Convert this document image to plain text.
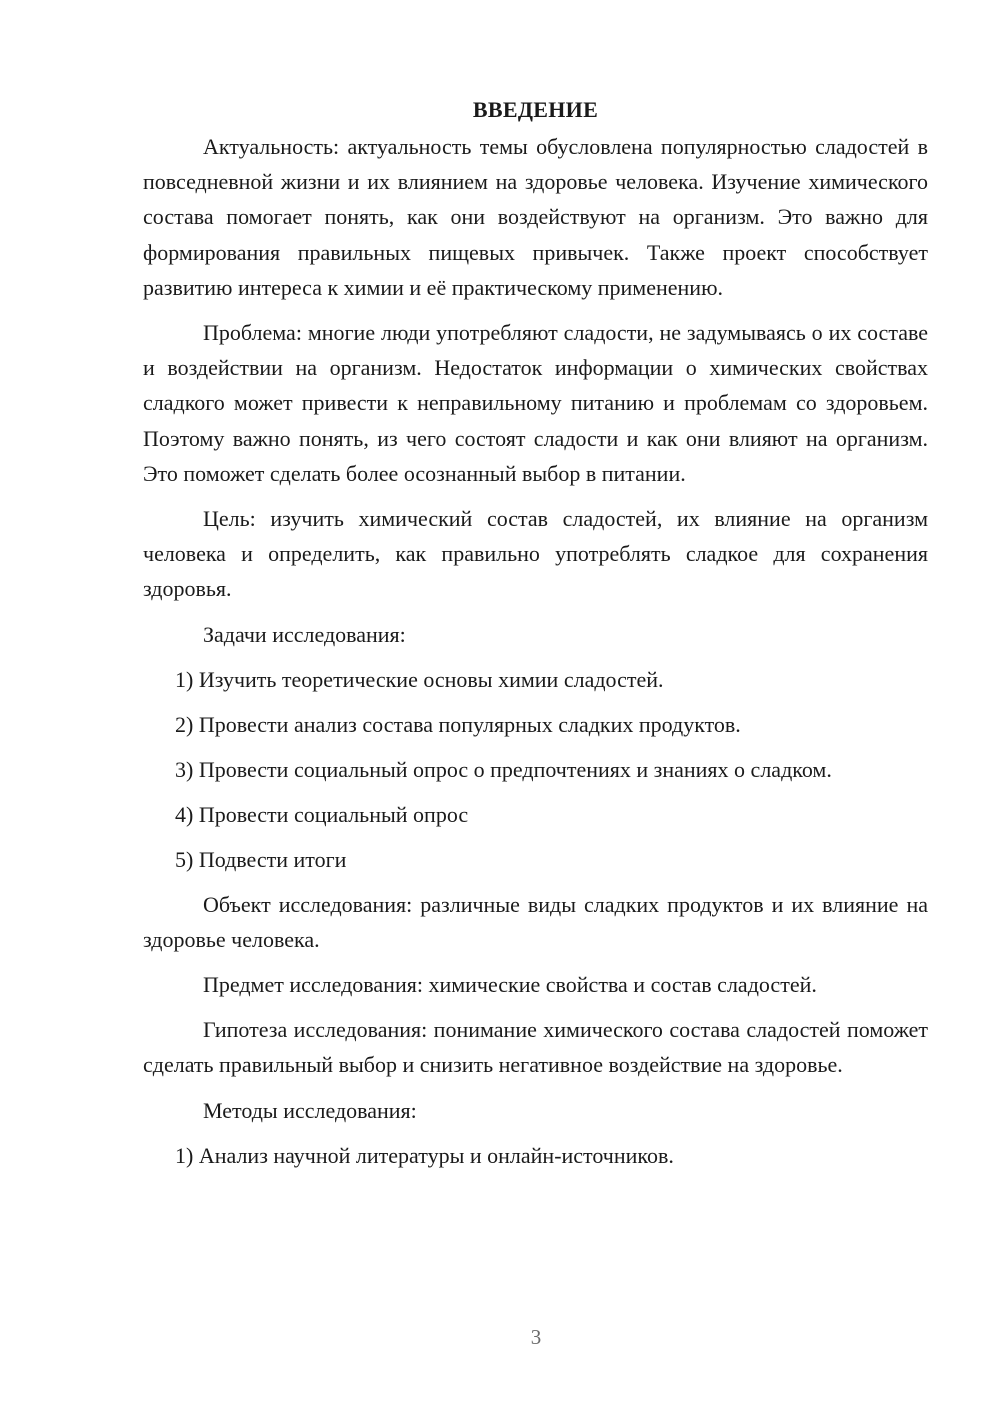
ВВЕДЕНИЕ

Актуальность: актуальность темы обусловлена популярностью сладостей в повседневной жизни и их влиянием на здоровье человека. Изучение химического состава помогает понять, как они воздействуют на организм. Это важно для формирования правильных пищевых привычек. Также проект способствует развитию интереса к химии и её практическому применению.

Проблема: многие люди употребляют сладости, не задумываясь о их составе и воздействии на организм. Недостаток информации о химических свойствах сладкого может привести к неправильному питанию и проблемам со здоровьем. Поэтому важно понять, из чего состоят сладости и как они влияют на организм. Это поможет сделать более осознанный выбор в питании.

Цель: изучить химический состав сладостей, их влияние на организм человека и определить, как правильно употреблять сладкое для сохранения здоровья.

Задачи исследования:

1) Изучить теоретические основы химии сладостей.

2) Провести анализ состава популярных сладких продуктов.

3) Провести социальный опрос о предпочтениях и знаниях о сладком.

4) Провести социальный опрос

5) Подвести итоги

Объект исследования: различные виды сладких продуктов и их влияние на здоровье человека.

Предмет исследования: химические свойства и состав сладостей.

Гипотеза исследования: понимание химического состава сладостей поможет сделать правильный выбор и снизить негативное воздействие на здоровье.

Методы исследования:

1) Анализ научной литературы и онлайн-источников.

3
